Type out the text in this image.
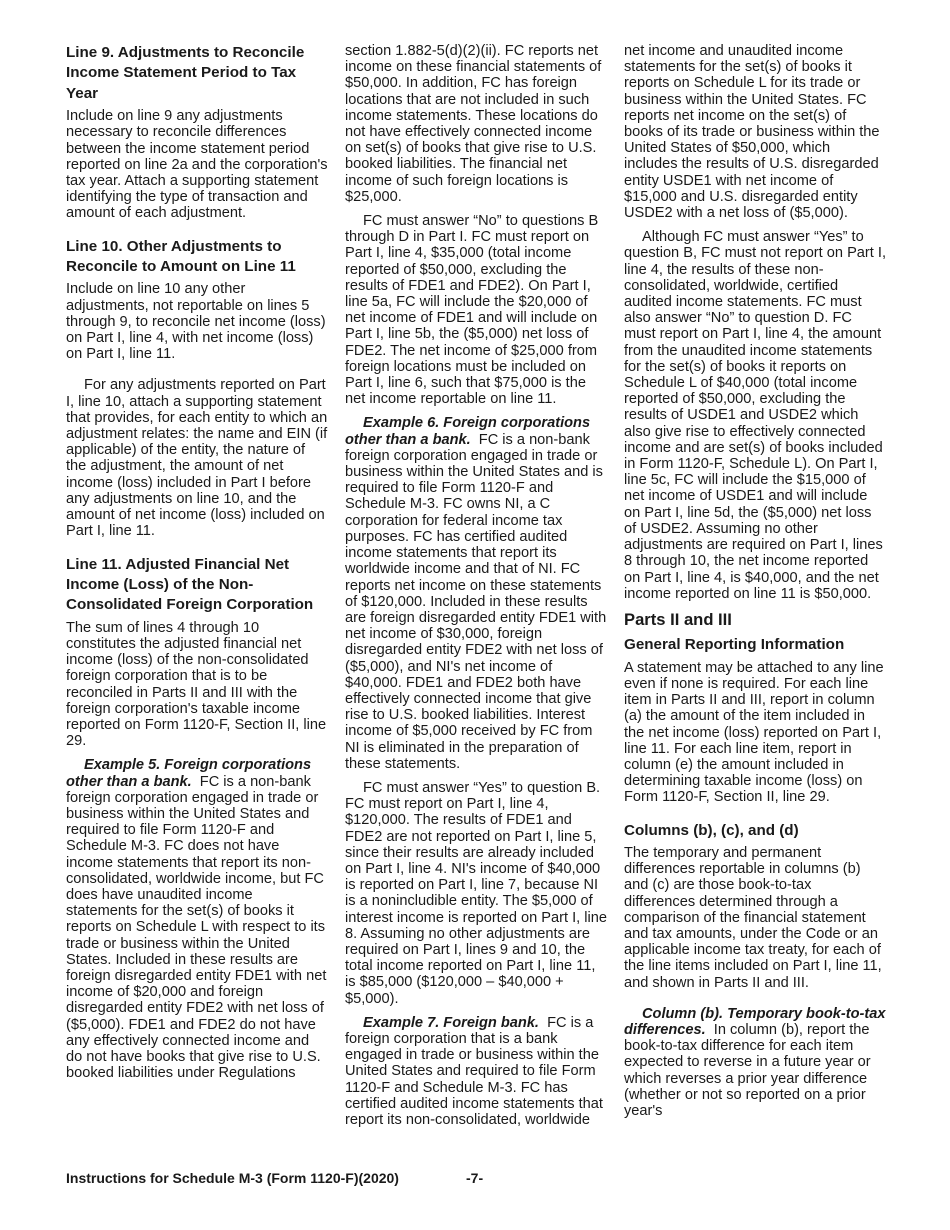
Line 9. Adjustments to Reconcile Income Statement Period to Tax Year

Include on line 9 any adjustments necessary to reconcile differences between the income statement period reported on line 2a and the corporation's tax year. Attach a supporting statement identifying the type of transaction and amount of each adjustment.

Line 10. Other Adjustments to Reconcile to Amount on Line 11

Include on line 10 any other adjustments, not reportable on lines 5 through 9, to reconcile net income (loss) on Part I, line 4, with net income (loss) on Part I, line 11.

For any adjustments reported on Part I, line 10, attach a supporting statement that provides, for each entity to which an adjustment relates: the name and EIN (if applicable) of the entity, the nature of the adjustment, the amount of net income (loss) included in Part I before any adjustments on line 10, and the amount of net income (loss) included on Part I, line 11.

Line 11. Adjusted Financial Net Income (Loss) of the Non-Consolidated Foreign Corporation

The sum of lines 4 through 10 constitutes the adjusted financial net income (loss) of the non-consolidated foreign corporation that is to be reconciled in Parts II and III with the foreign corporation's taxable income reported on Form 1120-F, Section II, line 29.

Example 5. Foreign corporations other than a bank. FC is a non-bank foreign corporation engaged in trade or business within the United States and required to file Form 1120-F and Schedule M-3. FC does not have income statements that report its non-consolidated, worldwide income, but FC does have unaudited income statements for the set(s) of books it reports on Schedule L with respect to its trade or business within the United States. Included in these results are foreign disregarded entity FDE1 with net income of $20,000 and foreign disregarded entity FDE2 with net loss of ($5,000). FDE1 and FDE2 do not have any effectively connected income and do not have books that give rise to U.S. booked liabilities under Regulations

section 1.882-5(d)(2)(ii). FC reports net income on these financial statements of $50,000. In addition, FC has foreign locations that are not included in such income statements. These locations do not have effectively connected income on set(s) of books that give rise to U.S. booked liabilities. The financial net income of such foreign locations is $25,000.

FC must answer “No” to questions B through D in Part I. FC must report on Part I, line 4, $35,000 (total income reported of $50,000, excluding the results of FDE1 and FDE2). On Part I, line 5a, FC will include the $20,000 of net income of FDE1 and will include on Part I, line 5b, the ($5,000) net loss of FDE2. The net income of $25,000 from foreign locations must be included on Part I, line 6, such that $75,000 is the net income reportable on line 11.

Example 6. Foreign corporations other than a bank. FC is a non-bank foreign corporation engaged in trade or business within the United States and is required to file Form 1120-F and Schedule M-3. FC owns NI, a C corporation for federal income tax purposes. FC has certified audited income statements that report its worldwide income and that of NI. FC reports net income on these statements of $120,000. Included in these results are foreign disregarded entity FDE1 with net income of $30,000, foreign disregarded entity FDE2 with net loss of ($5,000), and NI's net income of $40,000. FDE1 and FDE2 both have effectively connected income that give rise to U.S. booked liabilities. Interest income of $5,000 received by FC from NI is eliminated in the preparation of these statements.

FC must answer “Yes” to question B. FC must report on Part I, line 4, $120,000. The results of FDE1 and FDE2 are not reported on Part I, line 5, since their results are already included on Part I, line 4. NI's income of $40,000 is reported on Part I, line 7, because NI is a nonincludible entity. The $5,000 of interest income is reported on Part I, line 8. Assuming no other adjustments are required on Part I, lines 9 and 10, the total income reported on Part I, line 11, is $85,000 ($120,000 – $40,000 + $5,000).

Example 7. Foreign bank. FC is a foreign corporation that is a bank engaged in trade or business within the United States and required to file Form 1120-F and Schedule M-3. FC has certified audited income statements that report its non-consolidated, worldwide

net income and unaudited income statements for the set(s) of books it reports on Schedule L for its trade or business within the United States. FC reports net income on the set(s) of books of its trade or business within the United States of $50,000, which includes the results of U.S. disregarded entity USDE1 with net income of $15,000 and U.S. disregarded entity USDE2 with a net loss of ($5,000).

Although FC must answer “Yes” to question B, FC must not report on Part I, line 4, the results of these non-consolidated, worldwide, certified audited income statements. FC must also answer “No” to question D. FC must report on Part I, line 4, the amount from the unaudited income statements for the set(s) of books it reports on Schedule L of $40,000 (total income reported of $50,000, excluding the results of USDE1 and USDE2 which also give rise to effectively connected income and are set(s) of books included in Form 1120-F, Schedule L). On Part I, line 5c, FC will include the $15,000 of net income of USDE1 and will include on Part I, line 5d, the ($5,000) net loss of USDE2. Assuming no other adjustments are required on Part I, lines 8 through 10, the net income reported on Part I, line 4, is $40,000, and the net income reported on line 11 is $50,000.

Parts II and III
General Reporting Information

A statement may be attached to any line even if none is required. For each line item in Parts II and III, report in column (a) the amount of the item included in the net income (loss) reported on Part I, line 11. For each line item, report in column (e) the amount included in determining taxable income (loss) on Form 1120-F, Section II, line 29.

Columns (b), (c), and (d)

The temporary and permanent differences reportable in columns (b) and (c) are those book-to-tax differences determined through a comparison of the financial statement and tax amounts, under the Code or an applicable income tax treaty, for each of the line items included on Part I, line 11, and shown in Parts II and III.

Column (b). Temporary book-to-tax differences. In column (b), report the book-to-tax difference for each item expected to reverse in a future year or which reverses a prior year difference (whether or not so reported on a prior year's

Instructions for Schedule M-3 (Form 1120-F)(2020)	-7-
